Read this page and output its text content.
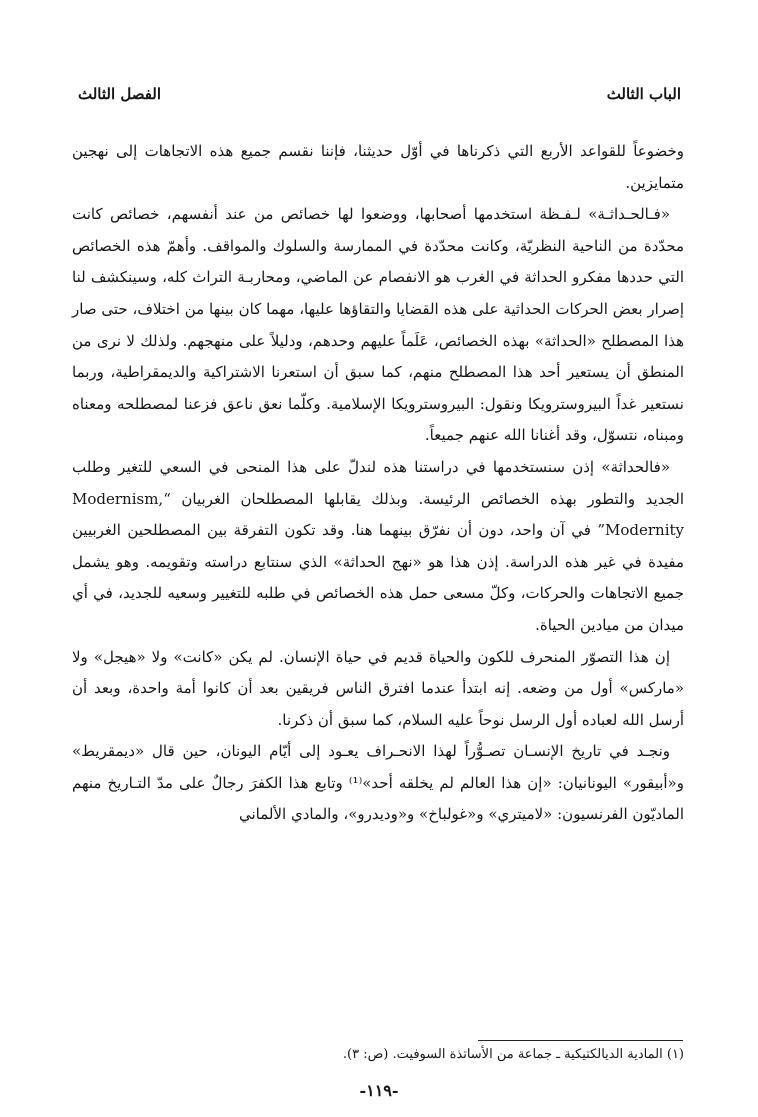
الباب الثالث
الفصل الثالث

وخضوعاً للقواعد الأربع التي ذكرناها في أوّل حديثنا، فإننا نقسم جميع هذه الاتجاهات إلى نهجين متمايزين.

«فـالحـداثـة» لـفـظة استخدمها أصحابها، ووضعوا لها خصائص من عند أنفسهم، خصائص كانت محدّدة من الناحية النظريّة، وكانت محدّدة في الممارسة والسلوك والمواقف. وأهمّ هذه الخصائص التي حددها مفكرو الحداثة في الغرب هو الانفصام عن الماضي، ومحاربـة التراث كله، وسينكشف لنا إصرار بعض الحركات الحداثية على هذه القضايا والتقاؤها عليها، مهما كان بينها من اختلاف، حتى صار هذا المصطلح «الحداثة» بهذه الخصائص، عَلَماً عليهم وحدهم، ودليلاً على منهجهم. ولذلك لا نرى من المنطق أن يستعير أحد هذا المصطلح منهم، كما سبق أن استعرنا الاشتراكية والديمقراطية، وربما نستعير غداً البيروسترويكا ونقول: البيروسترويكا الإسلامية. وكلّما نعق ناعق فزعنا لمصطلحه ومعناه ومبناه، نتسوّل، وقد أغنانا الله عنهم جميعاً.

«فالحداثة» إذن سنستخدمها في دراستنا هذه لندلّ على هذا المنحى في السعي للتغير وطلب الجديد والتطور بهذه الخصائص الرئيسة. وبذلك يقابلها المصطلحان الغربيان “Modernism, Modernity” في آن واحد، دون أن نفرّق بينهما هنا. وقد تكون التفرقة بين المصطلحين الغربيين مفيدة في غير هذه الدراسة. إذن هذا هو «نهج الحداثة» الذي سنتابع دراسته وتقويمه. وهو يشمل جميع الاتجاهات والحركات، وكلّ مسعى حمل هذه الخصائص في طلبه للتغيير وسعيه للجديد، في أي ميدان من ميادين الحياة.

إن هذا التصوّر المنحرف للكون والحياة قديم في حياة الإنسان. لم يكن «كانت» ولا «هيجل» ولا «ماركس» أول من وضعه. إنه ابتدأ عندما افترق الناس فريقين بعد أن كانوا أمة واحدة، وبعد أن أرسل الله لعباده أول الرسل نوحاً عليه السلام، كما سبق أن ذكرنا.

ونجـد في تاريخ الإنسـان تصـوُّراً لهذا الانحـراف يعـود إلى أيّام اليونان، حين قال «ديمقريط» و«أبيقور» اليونانيان: «إن هذا العالم لم يخلقه أحد»⁽¹⁾ وتابع هذا الكفرَ رجالٌ على مدّ التـاريخ منهم الماديّون الفرنسيون: «لاميتري» و«غولباخ» و«وديدرو»، والمادي الألماني

(١) المادية الديالكتيكية ـ جماعة من الأساتذة السوفيت. (ص: ٣).
-١١٩-
